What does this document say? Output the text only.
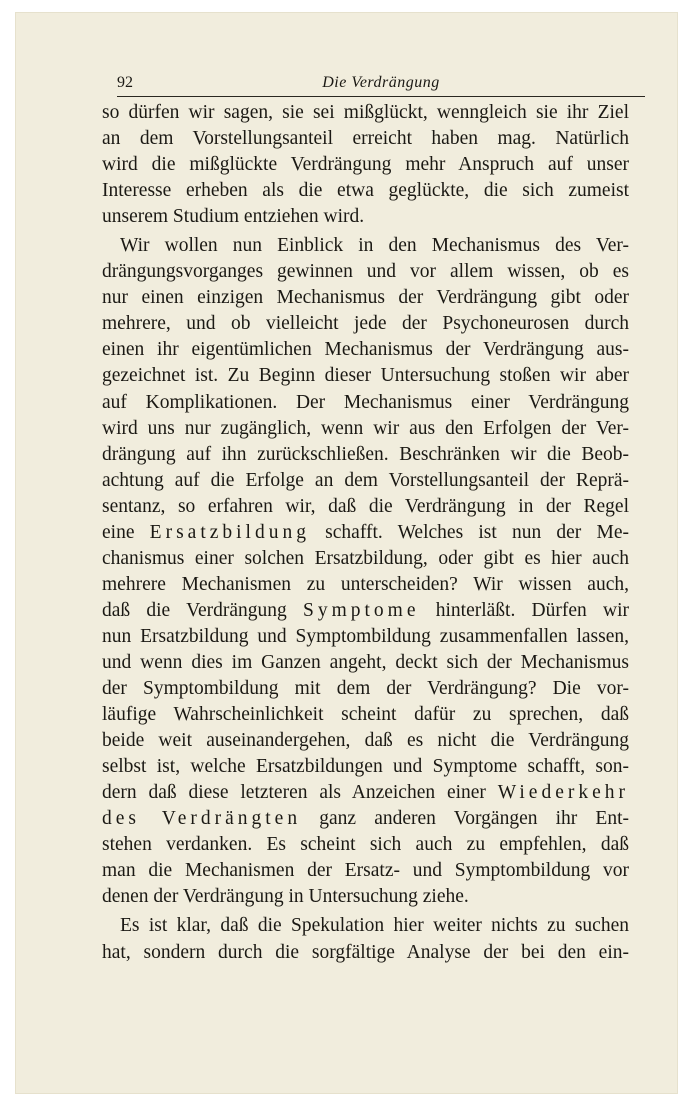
92	Die Verdrängung
so dürfen wir sagen, sie sei mißglückt, wenngleich sie ihr Ziel
an dem Vorstellungsanteil erreicht haben mag. Natürlich
wird die mißglückte Verdrängung mehr Anspruch auf unser
Interesse erheben als die etwa geglückte, die sich zumeist
unserem Studium entziehen wird.
Wir wollen nun Einblick in den Mechanismus des Ver-
drängungsvorganges gewinnen und vor allem wissen, ob es
nur einen einzigen Mechanismus der Verdrängung gibt oder
mehrere, und ob vielleicht jede der Psychoneurosen durch
einen ihr eigentümlichen Mechanismus der Verdrängung aus-
gezeichnet ist. Zu Beginn dieser Untersuchung stoßen wir aber
auf Komplikationen. Der Mechanismus einer Verdrängung
wird uns nur zugänglich, wenn wir aus den Erfolgen der Ver-
drängung auf ihn zurückschließen. Beschränken wir die Beob-
achtung auf die Erfolge an dem Vorstellungsanteil der Reprä-
sentanz, so erfahren wir, daß die Verdrängung in der Regel
eine Ersatzbildung schafft. Welches ist nun der Me-
chanismus einer solchen Ersatzbildung, oder gibt es hier auch
mehrere Mechanismen zu unterscheiden? Wir wissen auch,
daß die Verdrängung Symptome hinterläßt. Dürfen wir
nun Ersatzbildung und Symptombildung zusammenfallen lassen,
und wenn dies im Ganzen angeht, deckt sich der Mechanismus
der Symptombildung mit dem der Verdrängung? Die vor-
läufige Wahrscheinlichkeit scheint dafür zu sprechen, daß
beide weit auseinandergehen, daß es nicht die Verdrängung
selbst ist, welche Ersatzbildungen und Symptome schafft, son-
dern daß diese letzteren als Anzeichen einer Wiederkehr
des Verdrängten ganz anderen Vorgängen ihr Ent-
stehen verdanken. Es scheint sich auch zu empfehlen, daß
man die Mechanismen der Ersatz- und Symptombildung vor
denen der Verdrängung in Untersuchung ziehe.
Es ist klar, daß die Spekulation hier weiter nichts zu suchen
hat, sondern durch die sorgfältige Analyse der bei den ein-
